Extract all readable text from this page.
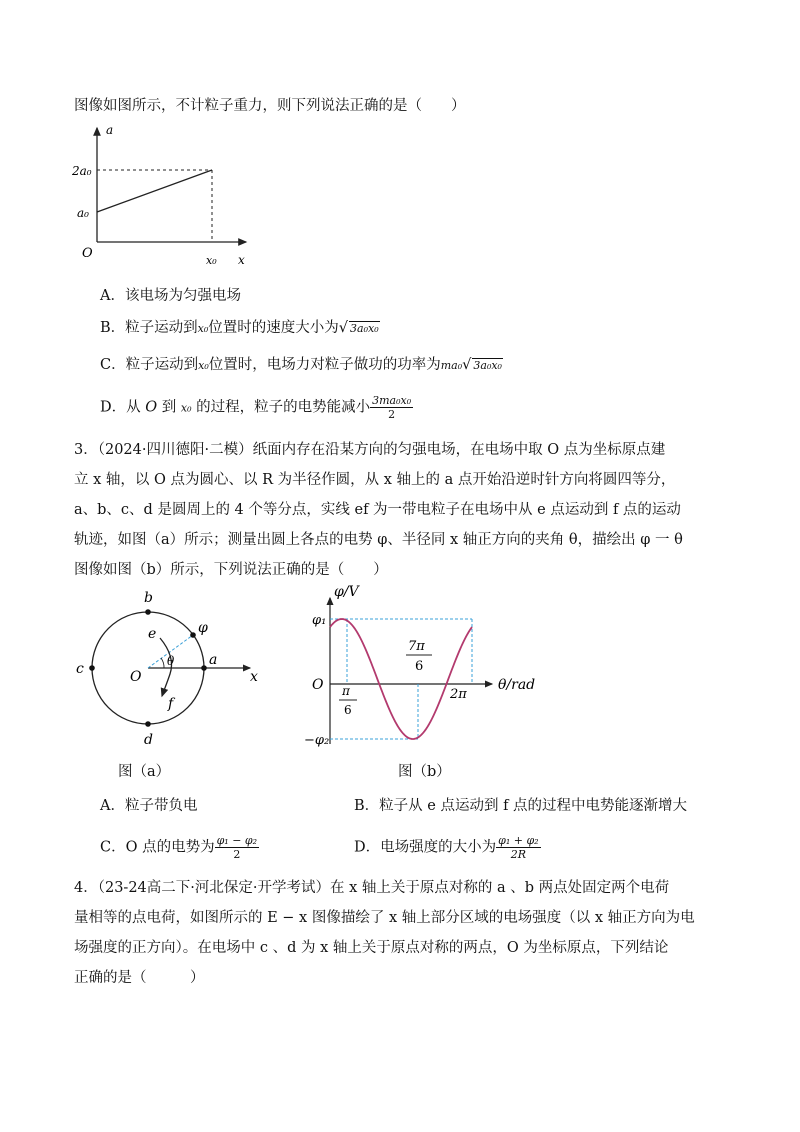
图像如图所示，不计粒子重力，则下列说法正确的是（　　）
a
2a₀
a₀
O	x₀ x
A．该电场为匀强电场
B．粒子运动到x₀位置时的速度大小为√ 3a₀x₀
C．粒子运动到x₀位置时，电场力对粒子做功的功率为ma₀√ 3a₀x₀
D．从 O 到 x₀ 的过程，粒子的电势能减小 $\frac{\text{3ma₀x₀}}{2}$
3．（2024·四川德阳·二模）纸面内存在沿某方向的匀强电场，在电场中取 O 点为坐标原点建
立 x 轴，以 O 点为圆心、以 R 为半径作圆，从 x 轴上的 a 点开始沿逆时针方向将圆四等分，
a、b、c、d 是圆周上的 4 个等分点，实线 ef 为一带电粒子在电场中从 e 点运动到 f 点的运动
轨迹，如图（a）所示；测量出圆上各点的电势 φ、半径同 x 轴正方向的夹角 θ，描绘出 φ 一 θ
图像如图（b）所示，下列说法正确的是（　　）
b
c
d
a
e
f
O	x
φ
θ
图（a）
φ/V
φ₁
−φ₂
O π
6
7π
6
2π
θ/rad
图（b）
A．粒子带负电	B．粒子从 e 点运动到 f 点的过程中电势能逐渐增大
C．O 点的电势为 $\frac{\text{φ₁ − φ₂}}{2}$	D．电场强度的大小为 $\frac{\text{φ₁ + φ₂}}{2R}$
4．（23-24高二下·河北保定·开学考试）在 x 轴上关于原点对称的 a 、b 两点处固定两个电荷
量相等的点电荷，如图所示的 E − x 图像描绘了 x 轴上部分区域的电场强度（以 x 轴正方向为电
场强度的正方向）。在电场中 c 、d 为 x 轴上关于原点对称的两点，O 为坐标原点，下列结论
正确的是（　　　）
